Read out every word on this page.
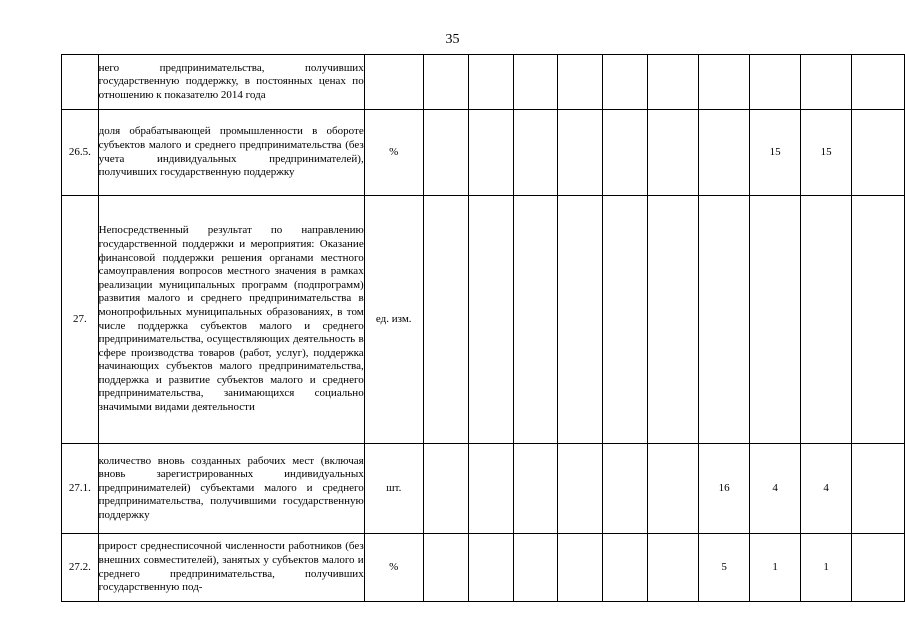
35
	него предпринимательства, получивших государственную поддержку, в постоянных ценах по отношению к показателю 2014 года											
26.5.	доля обрабатывающей промышленности в обороте субъектов малого и среднего предпринимательства (без учета индивидуальных предпринимателей), получивших государственную поддержку	%								15	15	
27.	Непосредственный результат по направлению государственной поддержки и мероприятия: Оказание финансовой поддержки решения органами местного самоуправления вопросов местного значения в рамках реализации муниципальных программ (подпрограмм) развития малого и среднего предпринимательства в монопрофильных муниципальных образованиях, в том числе поддержка субъектов малого и среднего предпринимательства, осуществляющих деятельность в сфере производства товаров (работ, услуг), поддержка начинающих субъектов малого предпринимательства, поддержка и развитие субъектов малого и среднего предпринимательства, занимающихся социально значимыми видами деятельности	ед. изм.										
27.1.	количество вновь созданных рабочих мест (включая вновь зарегистрированных индивидуальных предпринимателей) субъектами малого и среднего предпринимательства, получившими государственную поддержку	шт.							16	4	4	
27.2.	прирост среднесписочной численности работников (без внешних совместителей), занятых у субъектов малого и среднего предпринимательства, получивших государственную под-	%							5	1	1	
